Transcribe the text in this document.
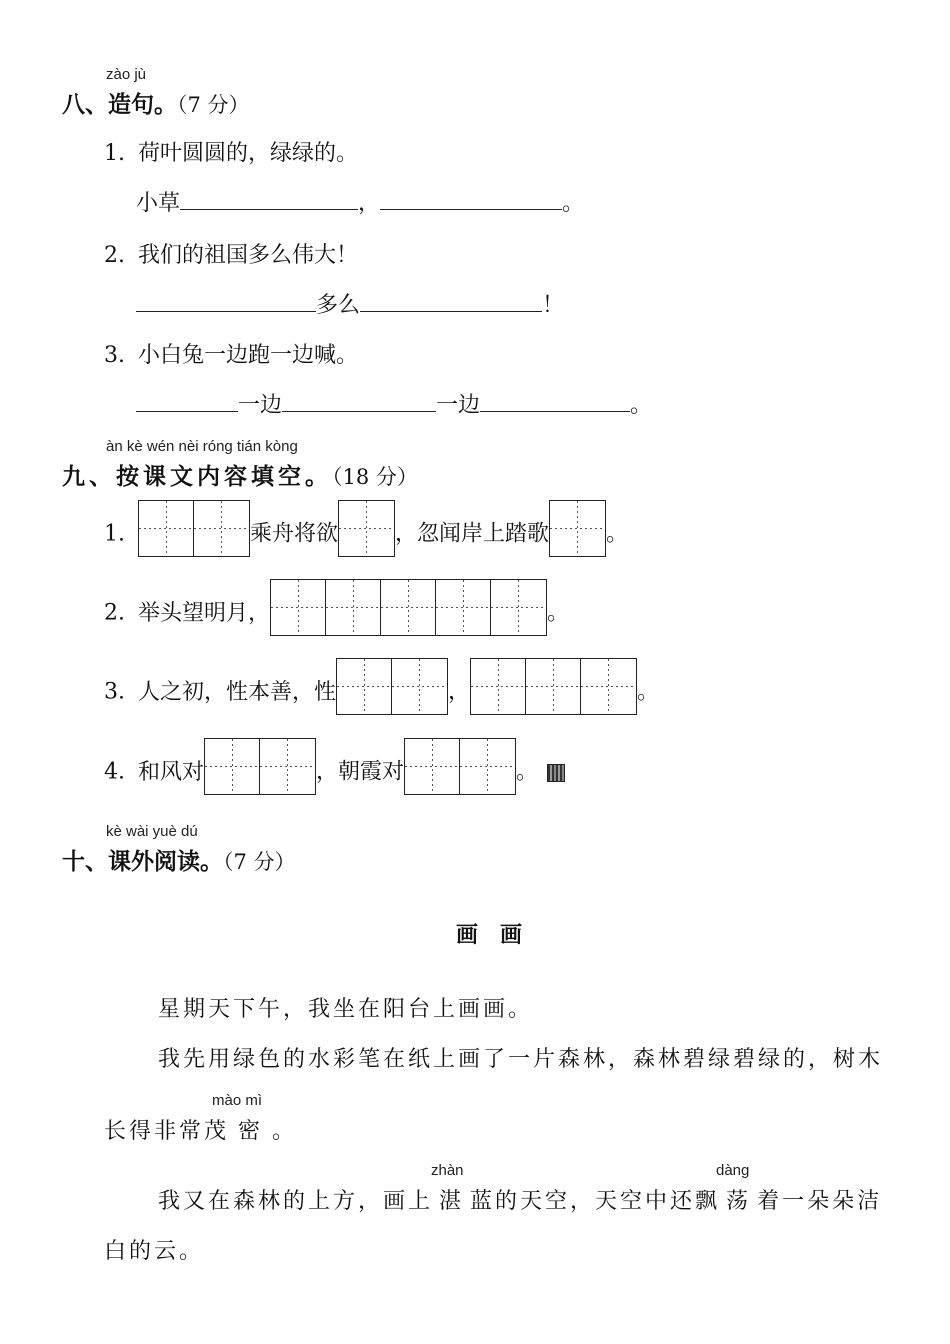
zào jù
八、造句。（7 分）
1. 荷叶圆圆的，绿绿的。
小草	，	。
2. 我们的祖国多么伟大！
多么	！
3. 小白兔一边跑一边喊。
一边	一边	。
àn kè wén nèi róng tián kòng
九、按课文内容填空。（18 分）
1.	乘舟将欲	，忽闻岸上踏歌	。
2. 举头望明月，	。
3. 人之初，性本善，性	，	。
4. 和风对	，朝霞对	。
kè wài yuè dú
十、课外阅读。（7 分）
画画
星期天下午，我坐在阳台上画画。
我先用绿色的水彩笔在纸上画了一片森林，森林碧绿碧绿的，树木
mào mì
长得非常茂密。
zhàn	dàng
我又在森林的上方，画上 湛 蓝的天空，天空中还飘 荡 着一朵朵洁
白的云。
